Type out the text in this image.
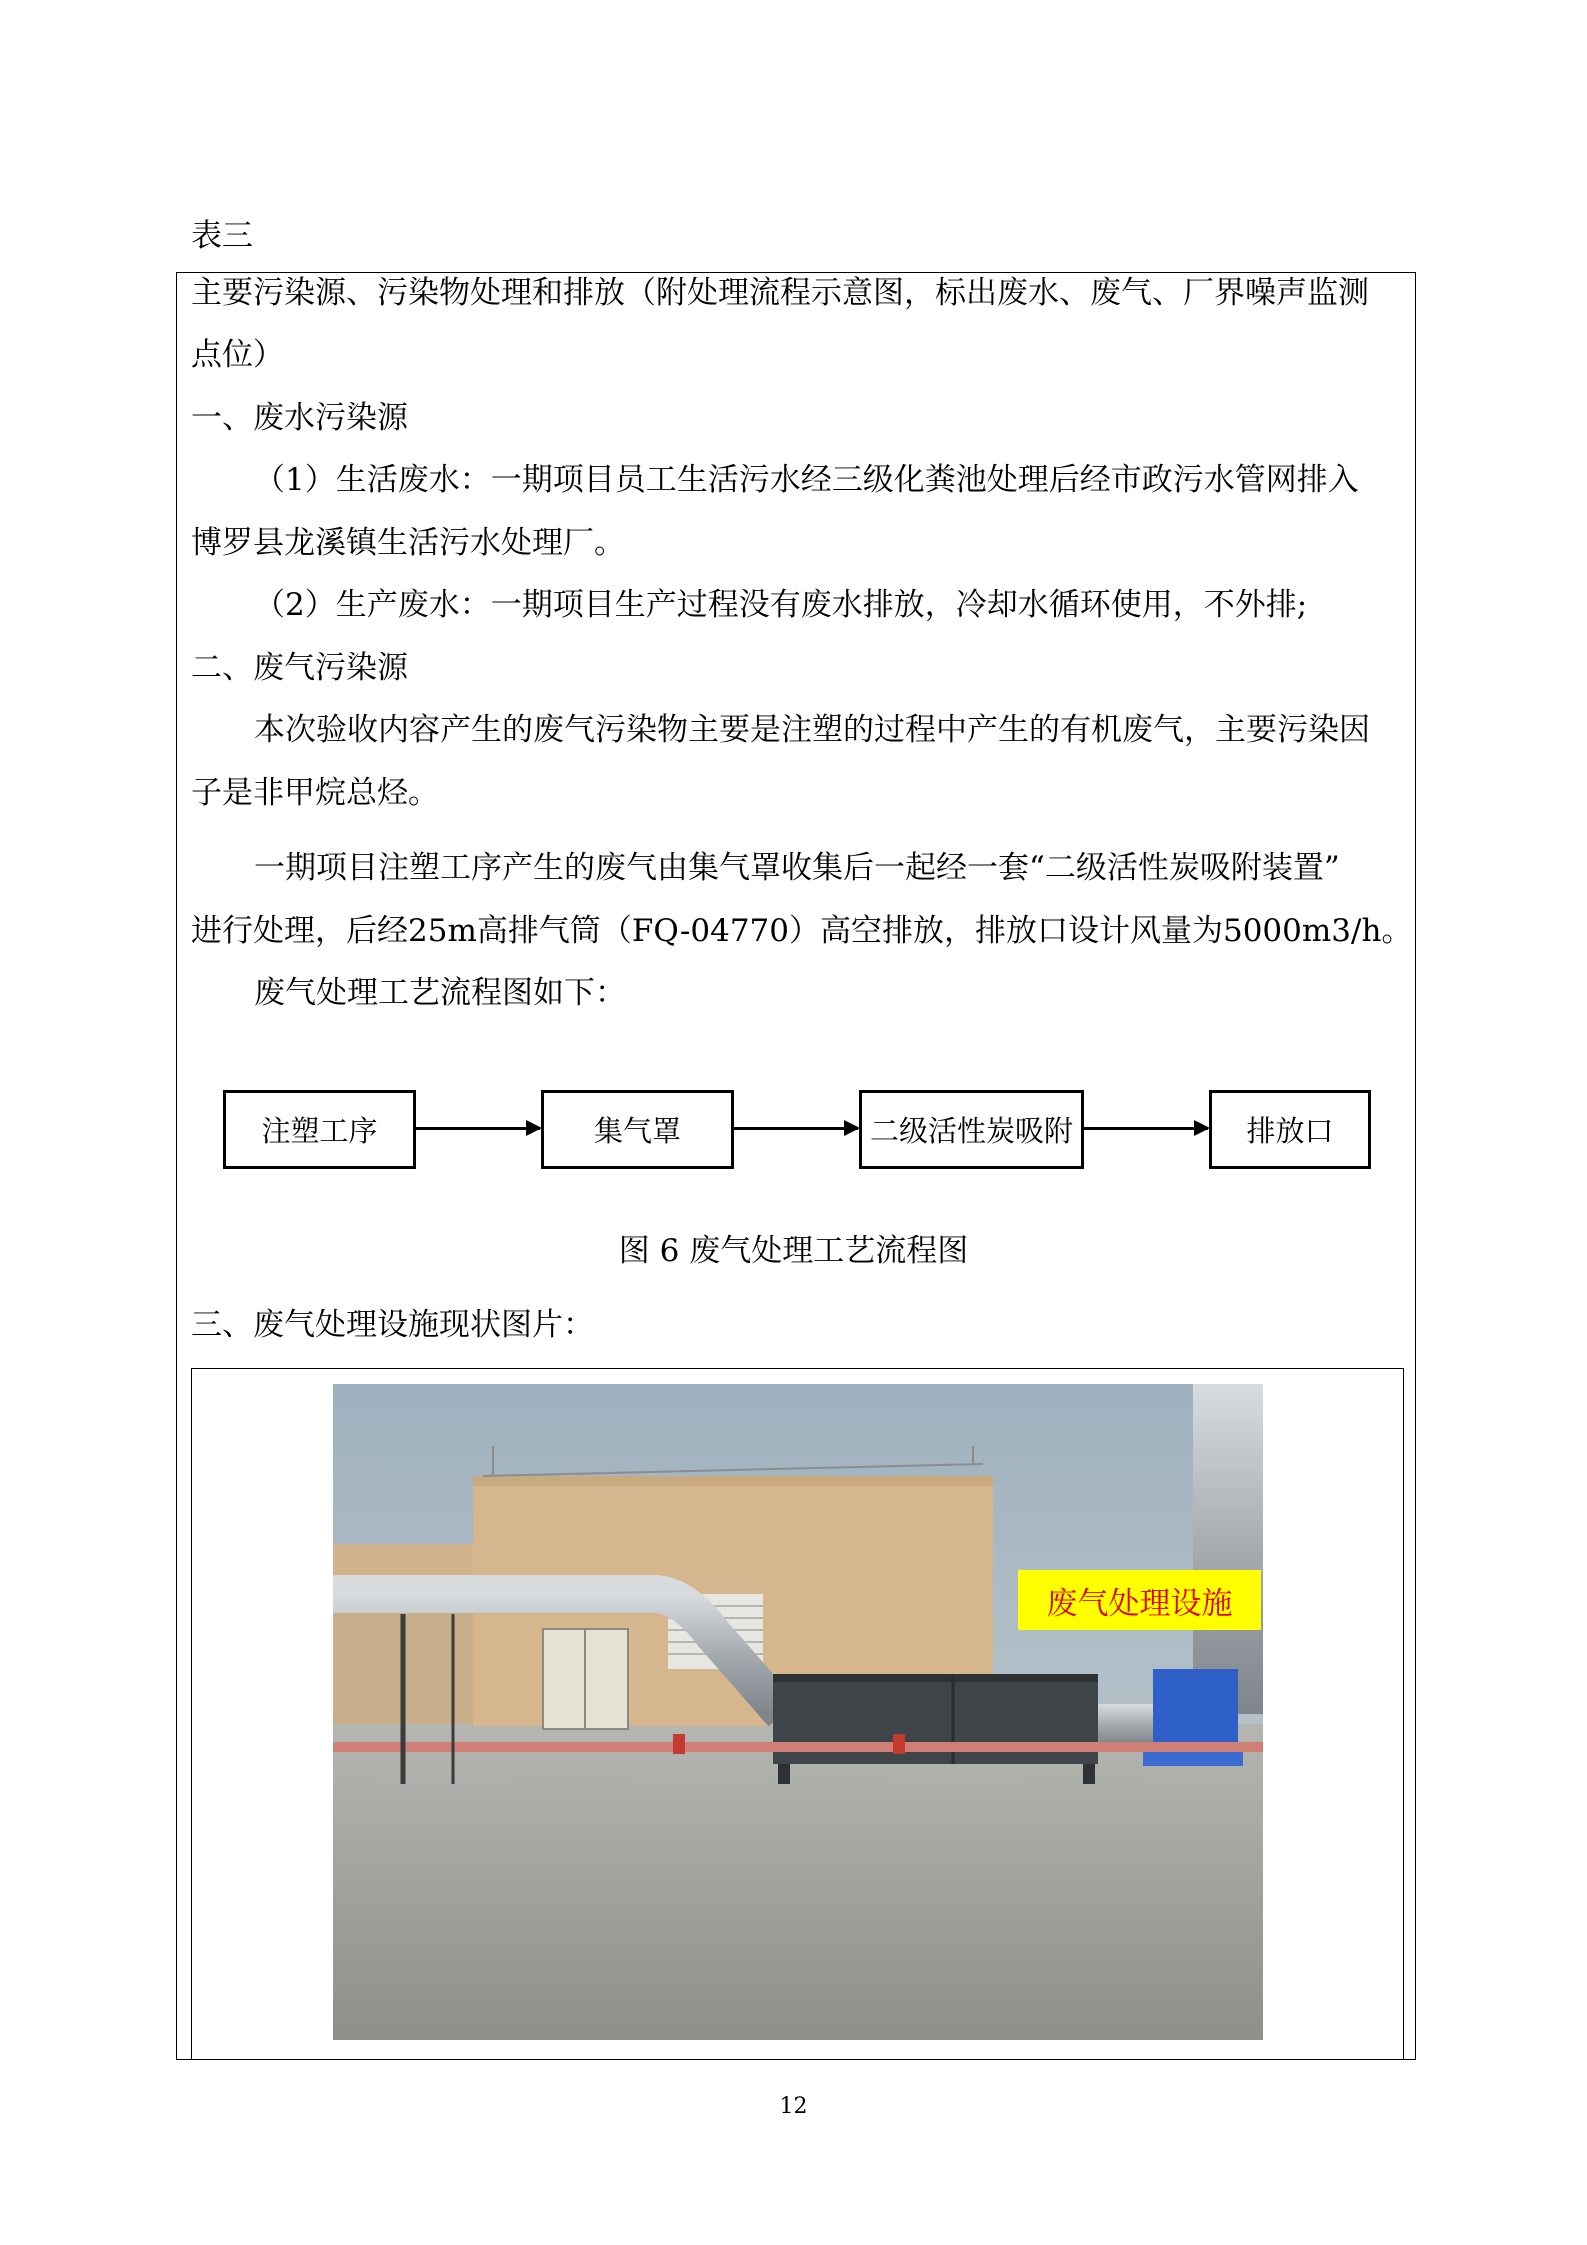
表三
主要污染源、污染物处理和排放（附处理流程示意图，标出废水、废气、厂界噪声监测
点位）
一、废水污染源
（1）生活废水：一期项目员工生活污水经三级化粪池处理后经市政污水管网排入
博罗县龙溪镇生活污水处理厂。
（2）生产废水：一期项目生产过程没有废水排放，冷却水循环使用，不外排;
二、废气污染源
本次验收内容产生的废气污染物主要是注塑的过程中产生的有机废气，主要污染因
子是非甲烷总烃。
一期项目注塑工序产生的废气由集气罩收集后一起经一套“二级活性炭吸附装置”
进行处理，后经25m高排气筒（FQ-04770）高空排放，排放口设计风量为5000m3/h。
废气处理工艺流程图如下：
注塑工序	集气罩	二级活性炭吸附	排放口
图 6 废气处理工艺流程图
三、废气处理设施现状图片：
废气处理设施
12
